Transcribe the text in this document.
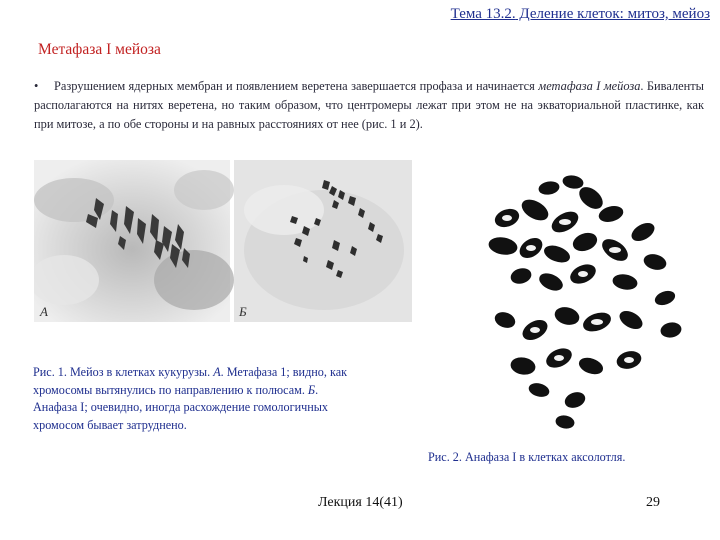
Тема 13.2. Деление клеток: митоз, мейоз
Метафаза I мейоза
• Разрушением ядерных мембран и появлением веретена завершается профаза и начинается метафаза I мейоза. Биваленты располагаются на нитях веретена, но таким образом, что центромеры лежат при этом не на экваториальной пластинке, как при митозе, а по обе стороны и на равных расстояниях от нее (рис. 1 и 2).
А	Б
Рис. 1. Мейоз в клетках кукурузы. А. Метафаза 1; видно, как хромосомы вытянулись по направлению к полюсам. Б. Анафаза I; очевидно, иногда расхождение гомологичных хромосом бывает затруднено.
Рис. 2. Анафаза I в клетках аксолотля.
Лекция 14(41)	29
